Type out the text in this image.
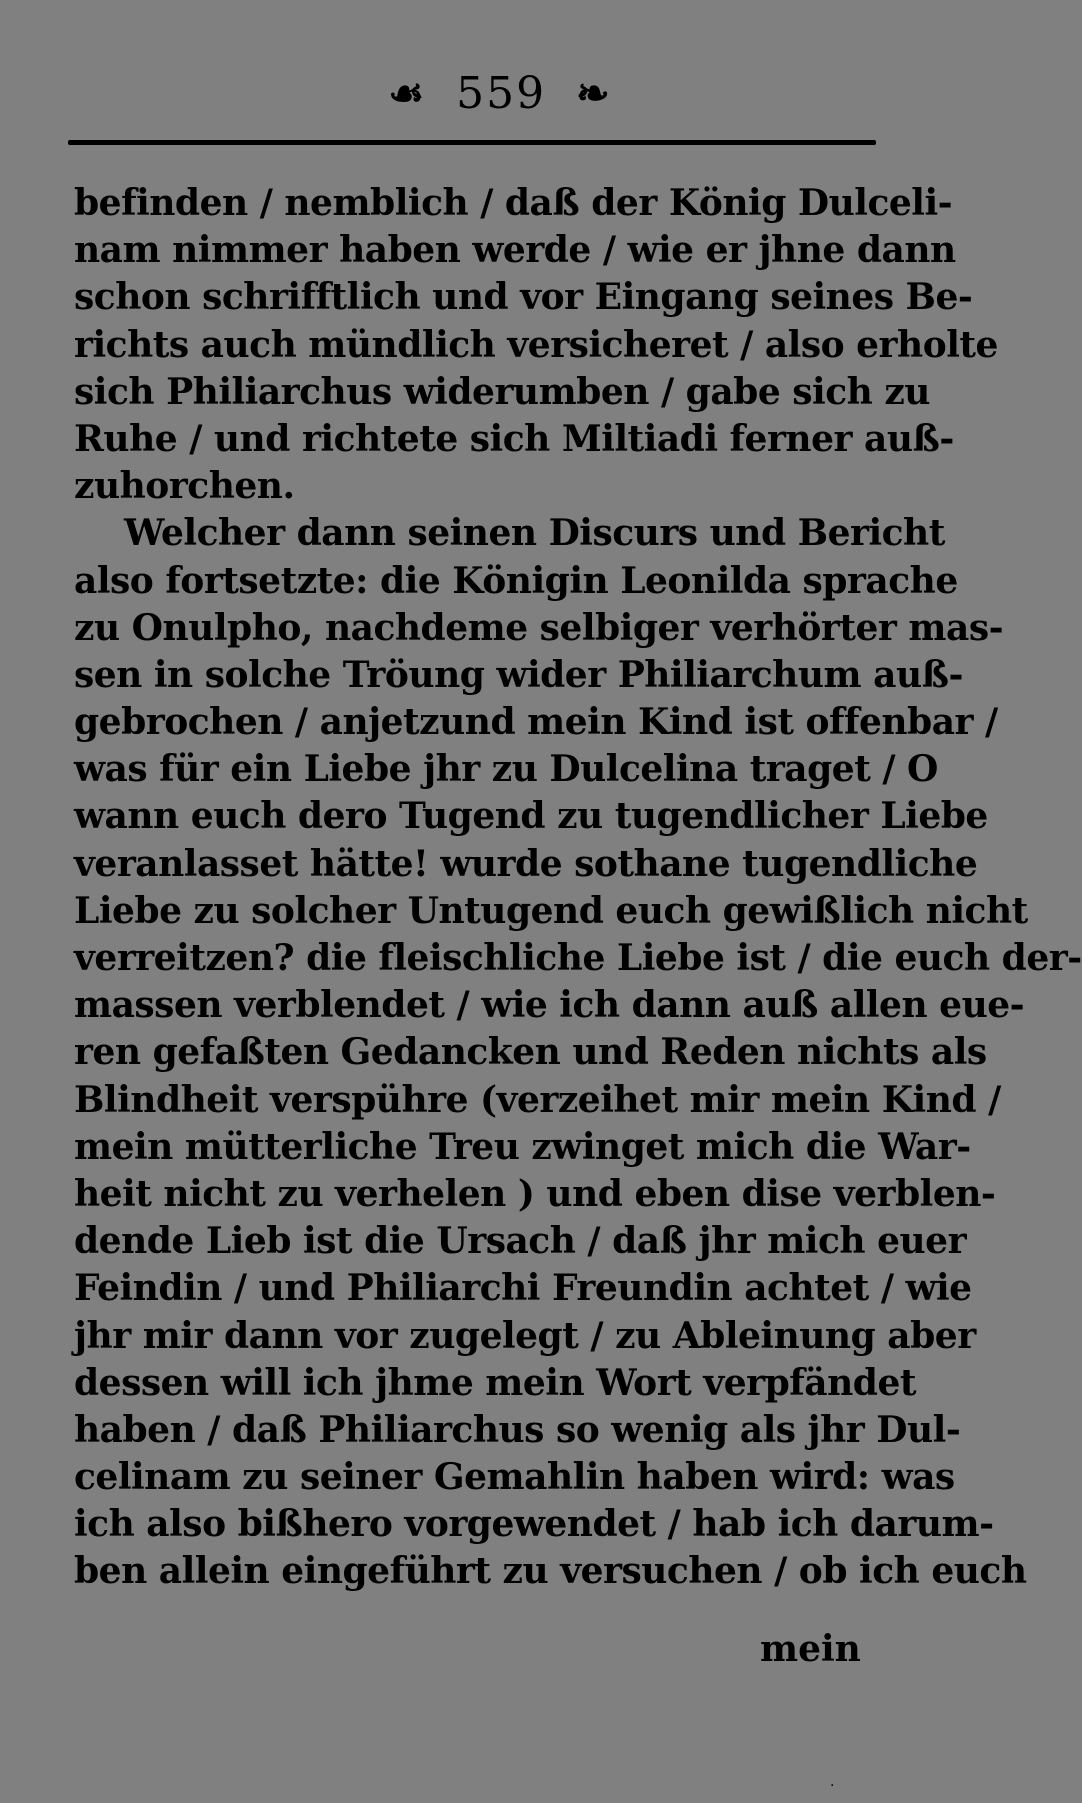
☙ 559 ❧
befinden / nemblich / daß der König Dulceli-
nam nimmer haben werde / wie er jhne dann
schon schrifftlich und vor Eingang seines Be-
richts auch mündlich versicheret / also erholte
sich Philiarchus widerumben / gabe sich zu
Ruhe / und richtete sich Miltiadi ferner auß-
zuhorchen.
Welcher dann seinen Discurs und Bericht
also fortsetzte: die Königin Leonilda sprache
zu Onulpho, nachdeme selbiger verhörter mas-
sen in solche Tröung wider Philiarchum auß-
gebrochen / anjetzund mein Kind ist offenbar /
was für ein Liebe jhr zu Dulcelina traget / O
wann euch dero Tugend zu tugendlicher Liebe
veranlasset hätte! wurde sothane tugendliche
Liebe zu solcher Untugend euch gewißlich nicht
verreitzen? die fleischliche Liebe ist / die euch der-
massen verblendet / wie ich dann auß allen eue-
ren gefaßten Gedancken und Reden nichts als
Blindheit verspühre (verzeihet mir mein Kind /
mein mütterliche Treu zwinget mich die War-
heit nicht zu verhelen ) und eben dise verblen-
dende Lieb ist die Ursach / daß jhr mich euer
Feindin / und Philiarchi Freundin achtet / wie
jhr mir dann vor zugelegt / zu Ableinung aber
dessen will ich jhme mein Wort verpfändet
haben / daß Philiarchus so wenig als jhr Dul-
celinam zu seiner Gemahlin haben wird: was
ich also bißhero vorgewendet / hab ich darum-
ben allein eingeführt zu versuchen / ob ich euch
mein
·
